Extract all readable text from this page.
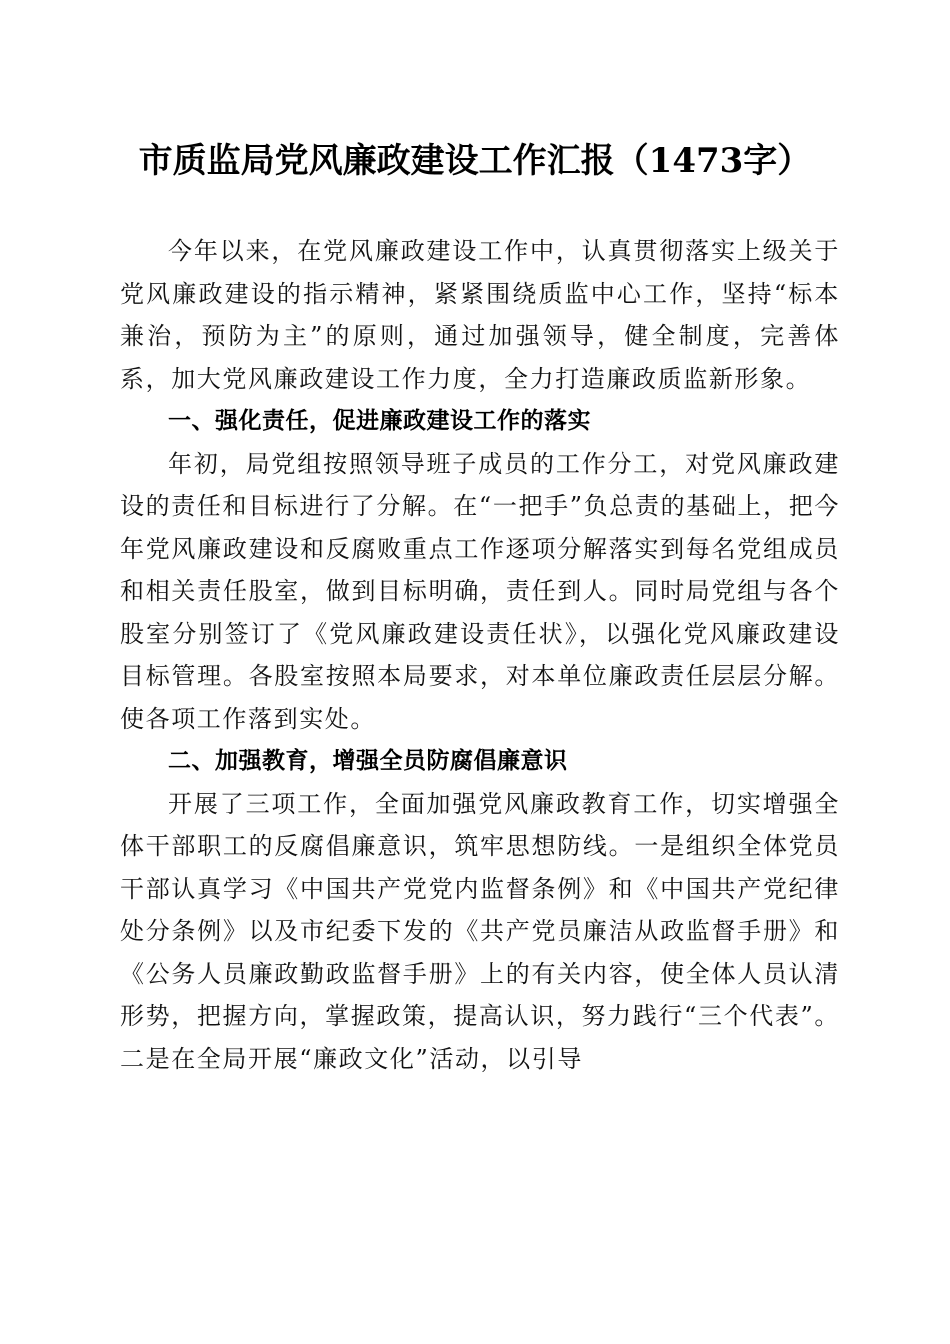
市质监局党风廉政建设工作汇报（1473字）

今年以来，在党风廉政建设工作中，认真贯彻落实上级关于党风廉政建设的指示精神，紧紧围绕质监中心工作，坚持“标本兼治，预防为主”的原则，通过加强领导，健全制度，完善体系，加大党风廉政建设工作力度，全力打造廉政质监新形象。

一、强化责任，促进廉政建设工作的落实

年初，局党组按照领导班子成员的工作分工，对党风廉政建设的责任和目标进行了分解。在“一把手”负总责的基础上，把今年党风廉政建设和反腐败重点工作逐项分解落实到每名党组成员和相关责任股室，做到目标明确，责任到人。同时局党组与各个股室分别签订了《党风廉政建设责任状》，以强化党风廉政建设目标管理。各股室按照本局要求，对本单位廉政责任层层分解。使各项工作落到实处。

二、加强教育，增强全员防腐倡廉意识

开展了三项工作，全面加强党风廉政教育工作，切实增强全体干部职工的反腐倡廉意识，筑牢思想防线。一是组织全体党员干部认真学习《中国共产党党内监督条例》和《中国共产党纪律处分条例》以及市纪委下发的《共产党员廉洁从政监督手册》和《公务人员廉政勤政监督手册》上的有关内容，使全体人员认清形势，把握方向，掌握政策，提高认识，努力践行“三个代表”。二是在全局开展“廉政文化”活动，以引导
